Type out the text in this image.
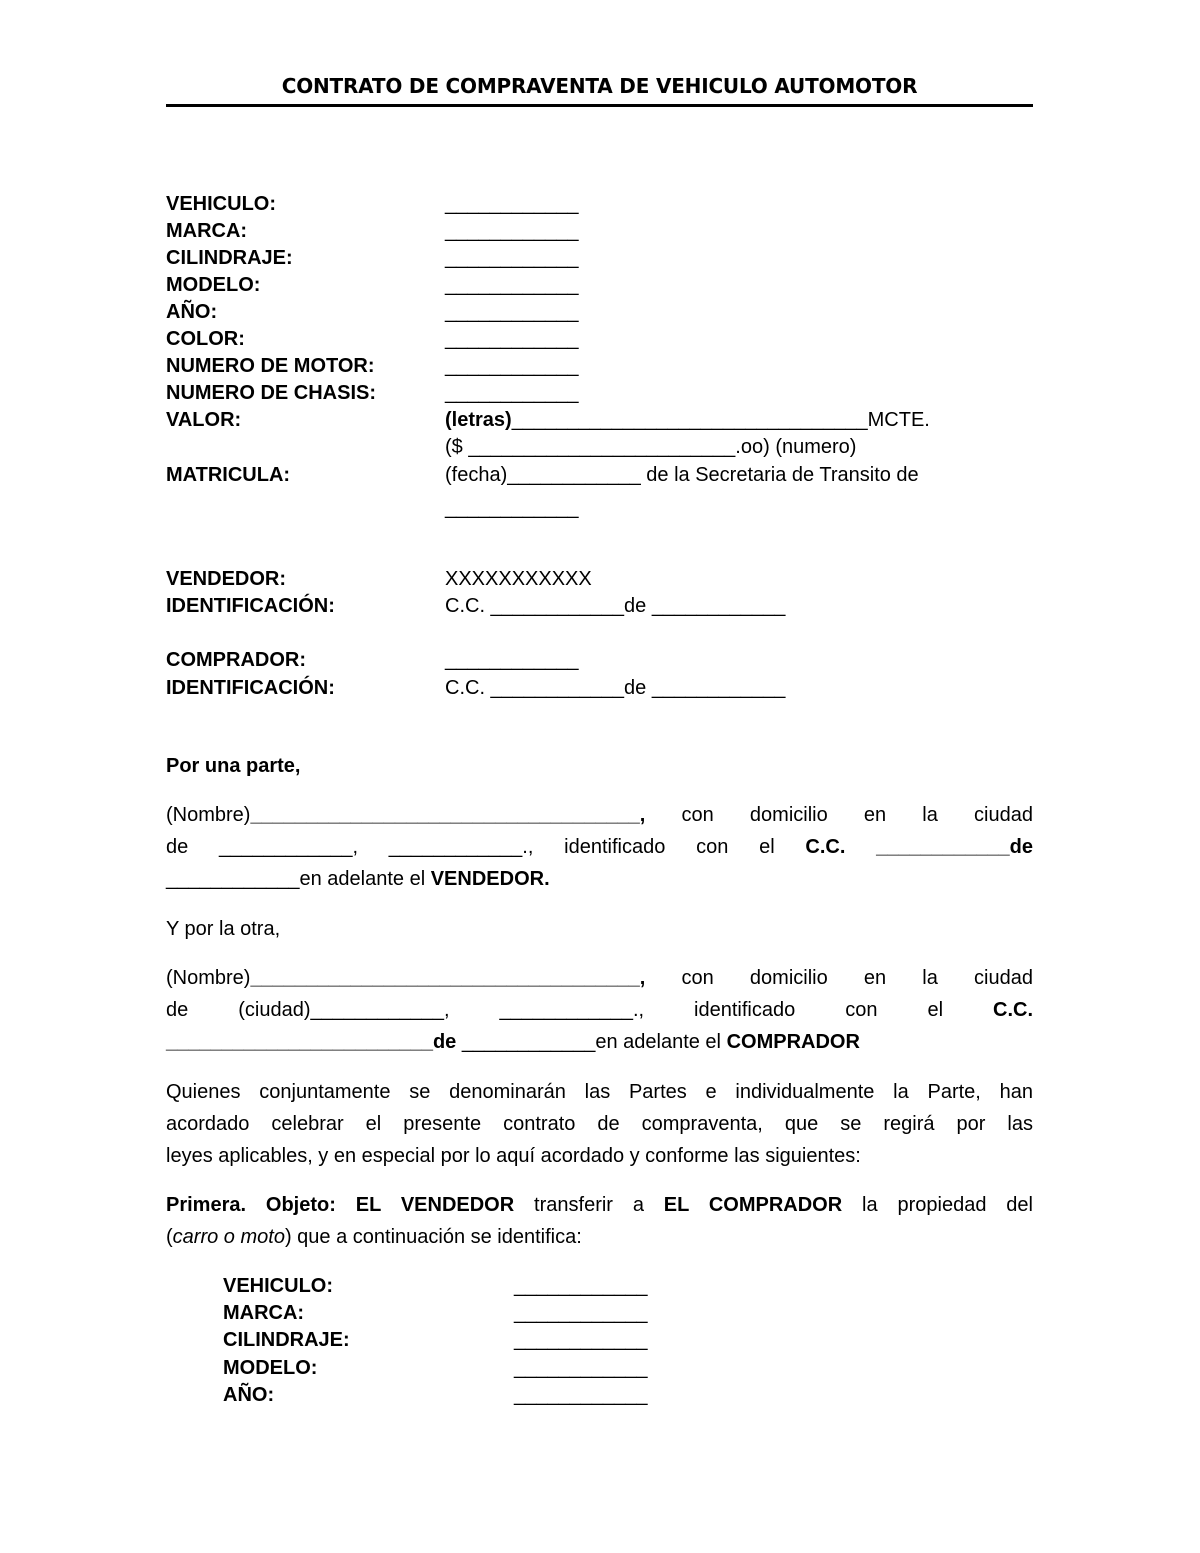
CONTRATO DE COMPRAVENTA DE VEHICULO AUTOMOTOR
VEHICULO:	____________
MARCA:	____________
CILINDRAJE:	____________
MODELO:	____________
AÑO:	____________
COLOR:	____________
NUMERO DE MOTOR:	____________
NUMERO DE CHASIS:	____________
VALOR:	(letras)________________________________MCTE.
($ ________________________.oo) (numero)
MATRICULA:	(fecha)____________ de la Secretaria de Transito de
____________
VENDEDOR:	XXXXXXXXXXX
IDENTIFICACIÓN:	C.C. ____________de ____________
COMPRADOR:	____________
IDENTIFICACIÓN:	C.C. ____________de ____________
Por una parte,
(Nombre)___________________________________, con domicilio en la ciudad
de ____________, ____________., identificado con el C.C. ____________de
____________en adelante el VENDEDOR.
Y por la otra,
(Nombre)___________________________________, con domicilio en la ciudad
de (ciudad)____________, ____________., identificado con el C.C.
________________________de ____________en adelante el COMPRADOR
Quienes conjuntamente se denominarán las Partes e individualmente la Parte, han
acordado celebrar el presente contrato de compraventa, que se regirá por las
leyes aplicables, y en especial por lo aquí acordado y conforme las siguientes:
Primera. Objeto: EL VENDEDOR transferir a EL COMPRADOR la propiedad del
(carro o moto) que a continuación se identifica:
VEHICULO:	____________
MARCA:	____________
CILINDRAJE:	____________
MODELO:	____________
AÑO:	____________
